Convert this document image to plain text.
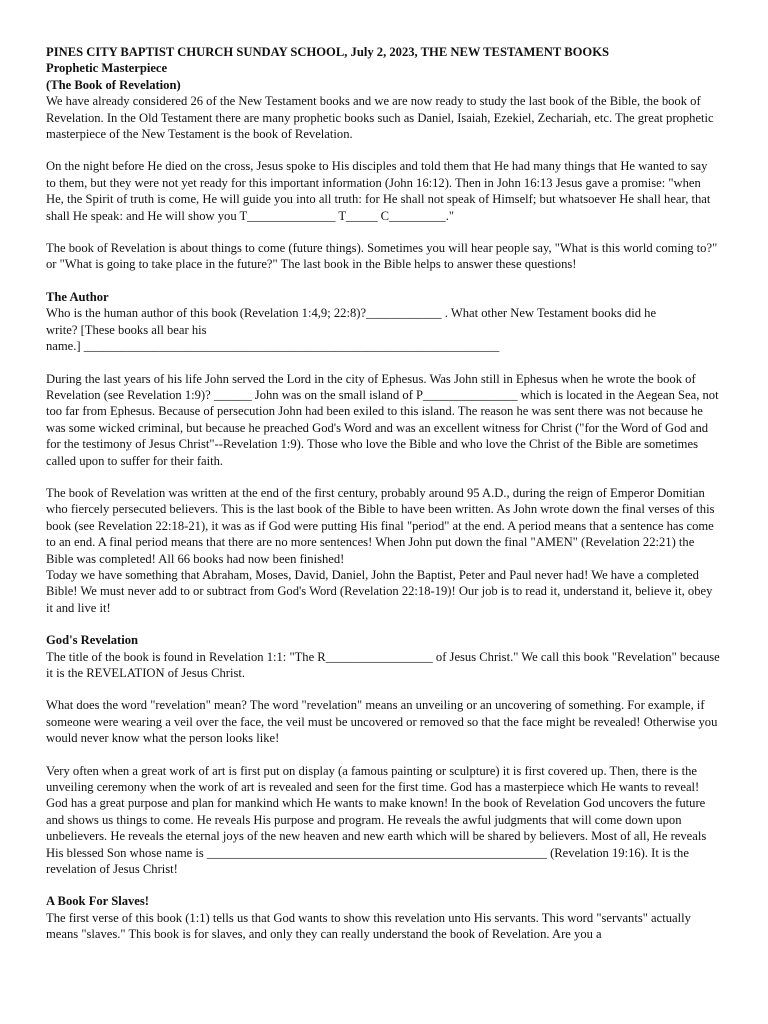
PINES CITY BAPTIST CHURCH SUNDAY SCHOOL, July 2, 2023, THE NEW TESTAMENT BOOKS

Prophetic Masterpiece

(The Book of Revelation)

We have already considered 26 of the New Testament books and we are now ready to study the last book of the Bible, the book of Revelation. In the Old Testament there are many prophetic books such as Daniel, Isaiah, Ezekiel, Zechariah, etc. The great prophetic masterpiece of the New Testament is the book of Revelation.

On the night before He died on the cross, Jesus spoke to His disciples and told them that He had many things that He wanted to say to them, but they were not yet ready for this important information (John 16:12). Then in John 16:13 Jesus gave a promise: "when He, the Spirit of truth is come, He will guide you into all truth: for He shall not speak of Himself; but whatsoever He shall hear, that shall He speak: and He will show you T______________ T_____ C_________."

The book of Revelation is about things to come (future things). Sometimes you will hear people say, "What is this world coming to?" or "What is going to take place in the future?" The last book in the Bible helps to answer these questions!

The Author

Who is the human author of this book (Revelation 1:4,9; 22:8)?____________ . What other New Testament books did he

write? [These books all bear his

name.] __________________________________________________________________

During the last years of his life John served the Lord in the city of Ephesus. Was John still in Ephesus when he wrote the book of Revelation (see Revelation 1:9)? ______ John was on the small island of P_______________ which is located in the Aegean Sea, not too far from Ephesus. Because of persecution John had been exiled to this island. The reason he was sent there was not because he was some wicked criminal, but because he preached God's Word and was an excellent witness for Christ ("for the Word of God and for the testimony of Jesus Christ"--Revelation 1:9). Those who love the Bible and who love the Christ of the Bible are sometimes called upon to suffer for their faith.

The book of Revelation was written at the end of the first century, probably around 95 A.D., during the reign of Emperor Domitian who fiercely persecuted believers. This is the last book of the Bible to have been written. As John wrote down the final verses of this book (see Revelation 22:18-21), it was as if God were putting His final "period" at the end. A period means that a sentence has come to an end. A final period means that there are no more sentences! When John put down the final "AMEN" (Revelation 22:21) the Bible was completed! All 66 books had now been finished!

Today we have something that Abraham, Moses, David, Daniel, John the Baptist, Peter and Paul never had! We have a completed Bible! We must never add to or subtract from God's Word (Revelation 22:18-19)! Our job is to read it, understand it, believe it, obey it and live it!

God's Revelation

The title of the book is found in Revelation 1:1: "The R_________________ of Jesus Christ." We call this book "Revelation" because it is the REVELATION of Jesus Christ.

What does the word "revelation" mean? The word "revelation" means an unveiling or an uncovering of something. For example, if someone were wearing a veil over the face, the veil must be uncovered or removed so that the face might be revealed! Otherwise you would never know what the person looks like!

Very often when a great work of art is first put on display (a famous painting or sculpture) it is first covered up. Then, there is the unveiling ceremony when the work of art is revealed and seen for the first time. God has a masterpiece which He wants to reveal! God has a great purpose and plan for mankind which He wants to make known! In the book of Revelation God uncovers the future and shows us things to come. He reveals His purpose and program. He reveals the awful judgments that will come down upon unbelievers. He reveals the eternal joys of the new heaven and new earth which will be shared by believers. Most of all, He reveals His blessed Son whose name is ______________________________________________________ (Revelation 19:16). It is the revelation of Jesus Christ!

A Book For Slaves!

The first verse of this book (1:1) tells us that God wants to show this revelation unto His servants. This word "servants" actually means "slaves." This book is for slaves, and only they can really understand the book of Revelation. Are you a
